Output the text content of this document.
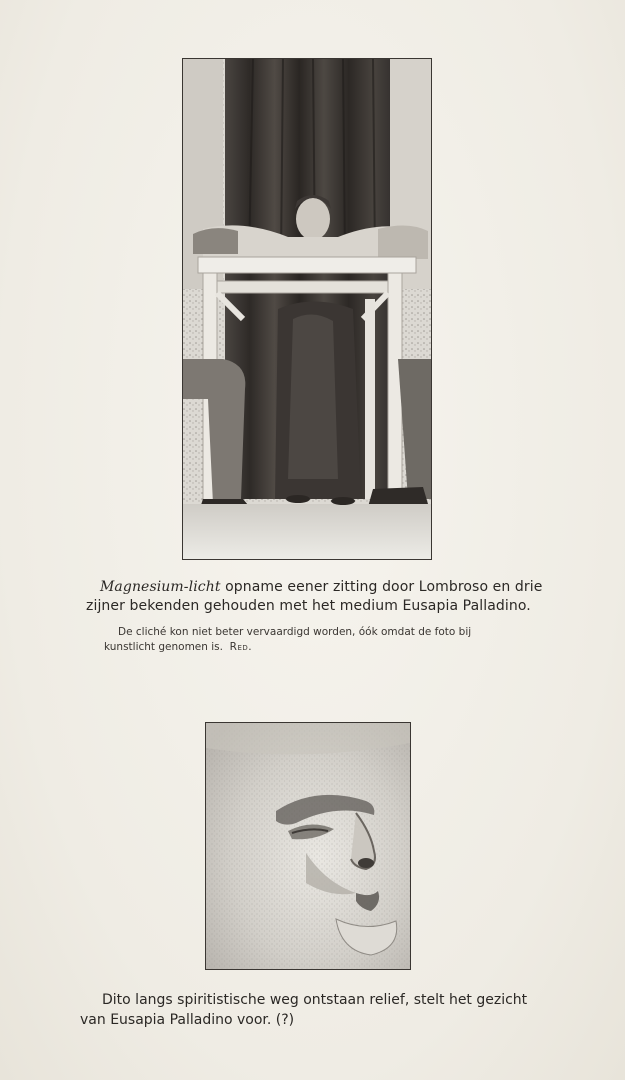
Magnesium-licht opname eener zitting door Lombroso en drie
zijner bekenden gehouden met het medium Eusapia Palladino.
De cliché kon niet beter vervaardigd worden, óók omdat de foto bij
kunstlicht genomen is. Red.
Dito langs spiritistische weg ontstaan relief, stelt het gezicht
van Eusapia Palladino voor. (?)
